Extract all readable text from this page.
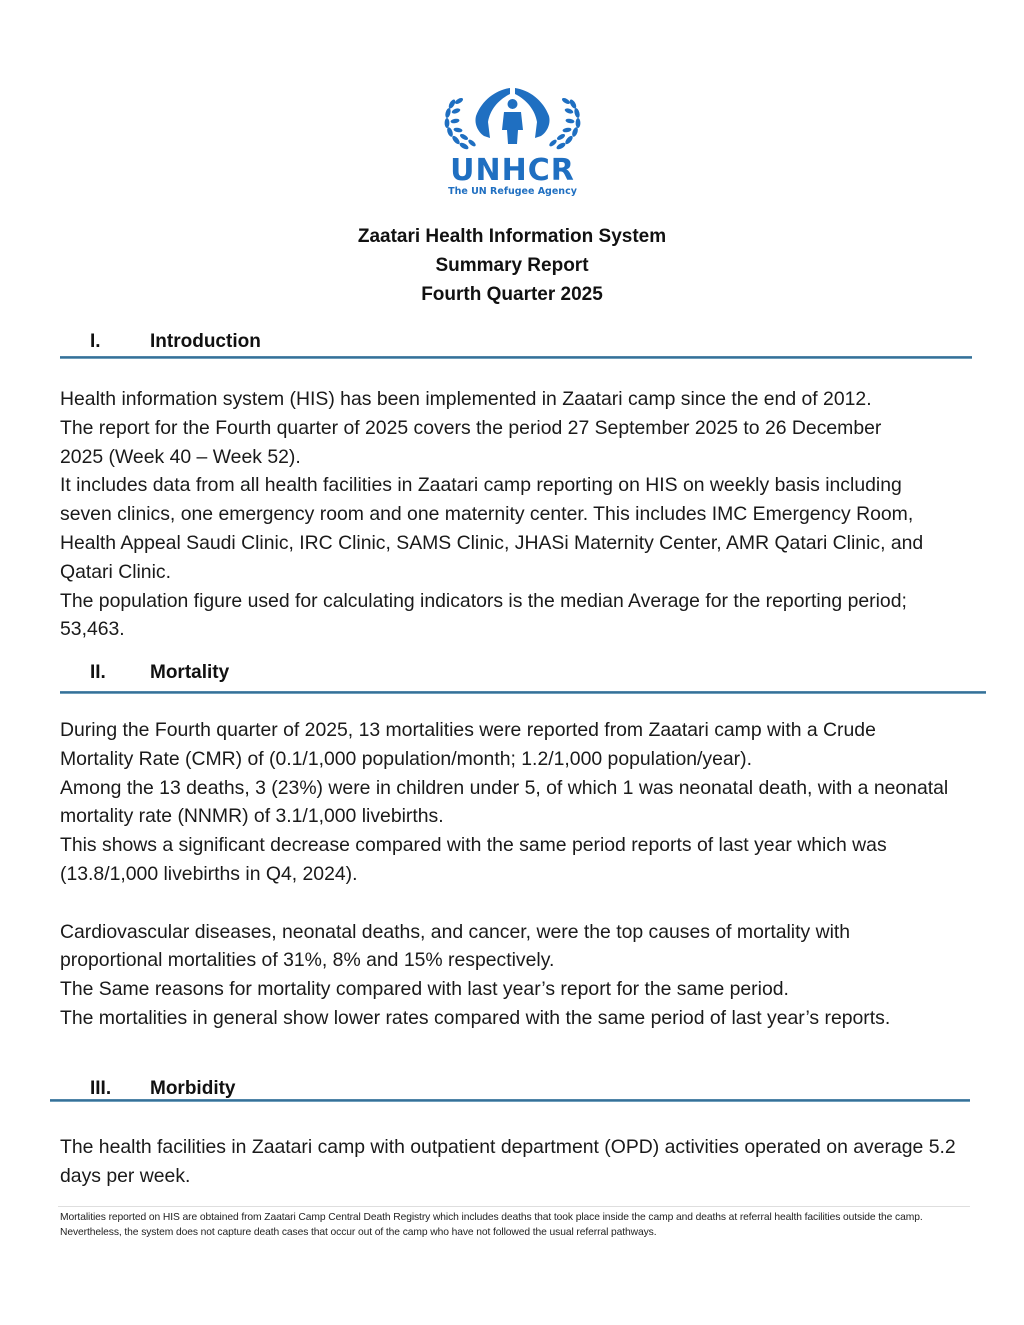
UNHCR
The UN Refugee Agency
Zaatari Health Information System
Summary Report
Fourth Quarter 2025
I.	Introduction

Health information system (HIS) has been implemented in Zaatari camp since the end of 2012.

The report for the Fourth quarter of 2025 covers the period 27 September 2025 to 26 December 2025 (Week 40 – Week 52).

It includes data from all health facilities in Zaatari camp reporting on HIS on weekly basis including seven clinics, one emergency room and one maternity center. This includes IMC Emergency Room, Health Appeal Saudi Clinic, IRC Clinic, SAMS Clinic, JHASi Maternity Center, AMR Qatari Clinic, and Qatari Clinic.

The population figure used for calculating indicators is the median Average for the reporting period; 53,463.

II. Mortality

During the Fourth quarter of 2025, 13 mortalities were reported from Zaatari camp with a Crude Mortality Rate (CMR) of (0.1/1,000 population/month; 1.2/1,000 population/year).

Among the 13 deaths, 3 (23%) were in children under 5, of which 1 was neonatal death, with a neonatal mortality rate (NNMR) of 3.1/1,000 livebirths.

This shows a significant decrease compared with the same period reports of last year which was (13.8/1,000 livebirths in Q4, 2024).

Cardiovascular diseases, neonatal deaths, and cancer, were the top causes of mortality with proportional mortalities of 31%, 8% and 15% respectively.

The Same reasons for mortality compared with last year’s report for the same period.

The mortalities in general show lower rates compared with the same period of last year’s reports.

III. Morbidity

The health facilities in Zaatari camp with outpatient department (OPD) activities operated on average 5.2 days per week.

Mortalities reported on HIS are obtained from Zaatari Camp Central Death Registry which includes deaths that took place inside the camp and deaths at referral health facilities outside the camp. Nevertheless, the system does not capture death cases that occur out of the camp who have not followed the usual referral pathways.
